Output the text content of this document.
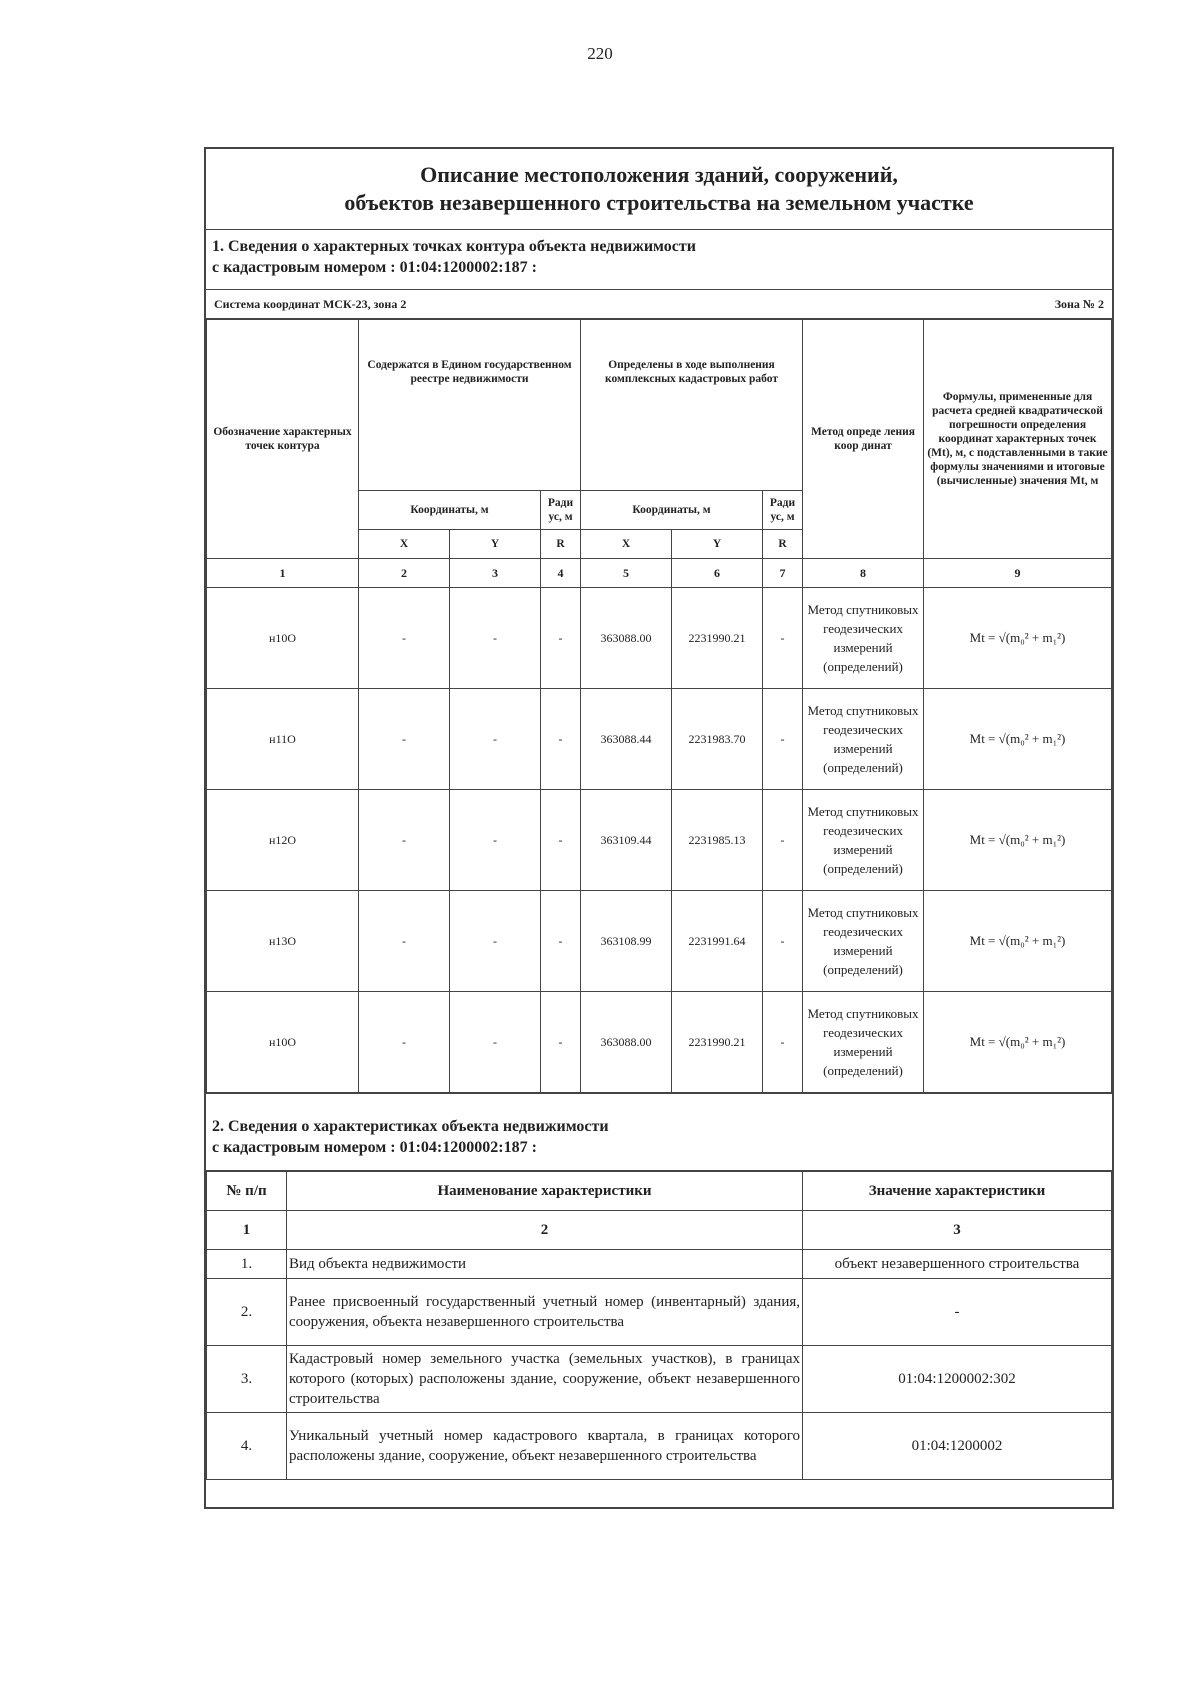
220
Описание местоположения зданий, сооружений,
объектов незавершенного строительства на земельном участке
1. Сведения о характерных точках контура объекта недвижимости
с кадастровым номером : 01:04:1200002:187 :
Система координат МСК-23, зона 2	Зона № 2
Обозначение характерных точек контура	Содержатся в Едином государственном реестре недвижимости			Определены в ходе выполнения комплексных кадастровых работ			Метод опреде ления коор динат	Формулы, примененные для расчета средней квадратической погрешности определения координат характерных точек (Mt), м, с подставленными в такие формулы значениями и итоговые (вычисленные) значения Mt, м
	Координаты, м		Ради ус, м	Координаты, м		Ради ус, м		
	X	Y	R	X	Y	R		
1	2	3	4	5	6	7	8	9
н10О	-	-	-	363088.00	2231990.21	-	Метод спутниковых геодезических измерений (определений)	Mt = √(m₀² + m₁²)
н11О	-	-	-	363088.44	2231983.70	-	Метод спутниковых геодезических измерений (определений)	Mt = √(m₀² + m₁²)
н12О	-	-	-	363109.44	2231985.13	-	Метод спутниковых геодезических измерений (определений)	Mt = √(m₀² + m₁²)
н13О	-	-	-	363108.99	2231991.64	-	Метод спутниковых геодезических измерений (определений)	Mt = √(m₀² + m₁²)
н10О	-	-	-	363088.00	2231990.21	-	Метод спутниковых геодезических измерений (определений)	Mt = √(m₀² + m₁²)
2. Сведения о характеристиках объекта недвижимости
с кадастровым номером : 01:04:1200002:187 :
№ п/п	Наименование характеристики	Значение характеристики
1	2	3
1.	Вид объекта недвижимости	объект незавершенного строительства
2.	Ранее присвоенный государственный учетный номер (инвентарный) здания, сооружения, объекта незавершенного строительства	-
3.	Кадастровый номер земельного участка (земельных участков), в границах которого (которых) расположены здание, сооружение, объект незавершенного строительства	01:04:1200002:302
4.	Уникальный учетный номер кадастрового квартала, в границах которого расположены здание, сооружение, объект незавершенного строительства	01:04:1200002
